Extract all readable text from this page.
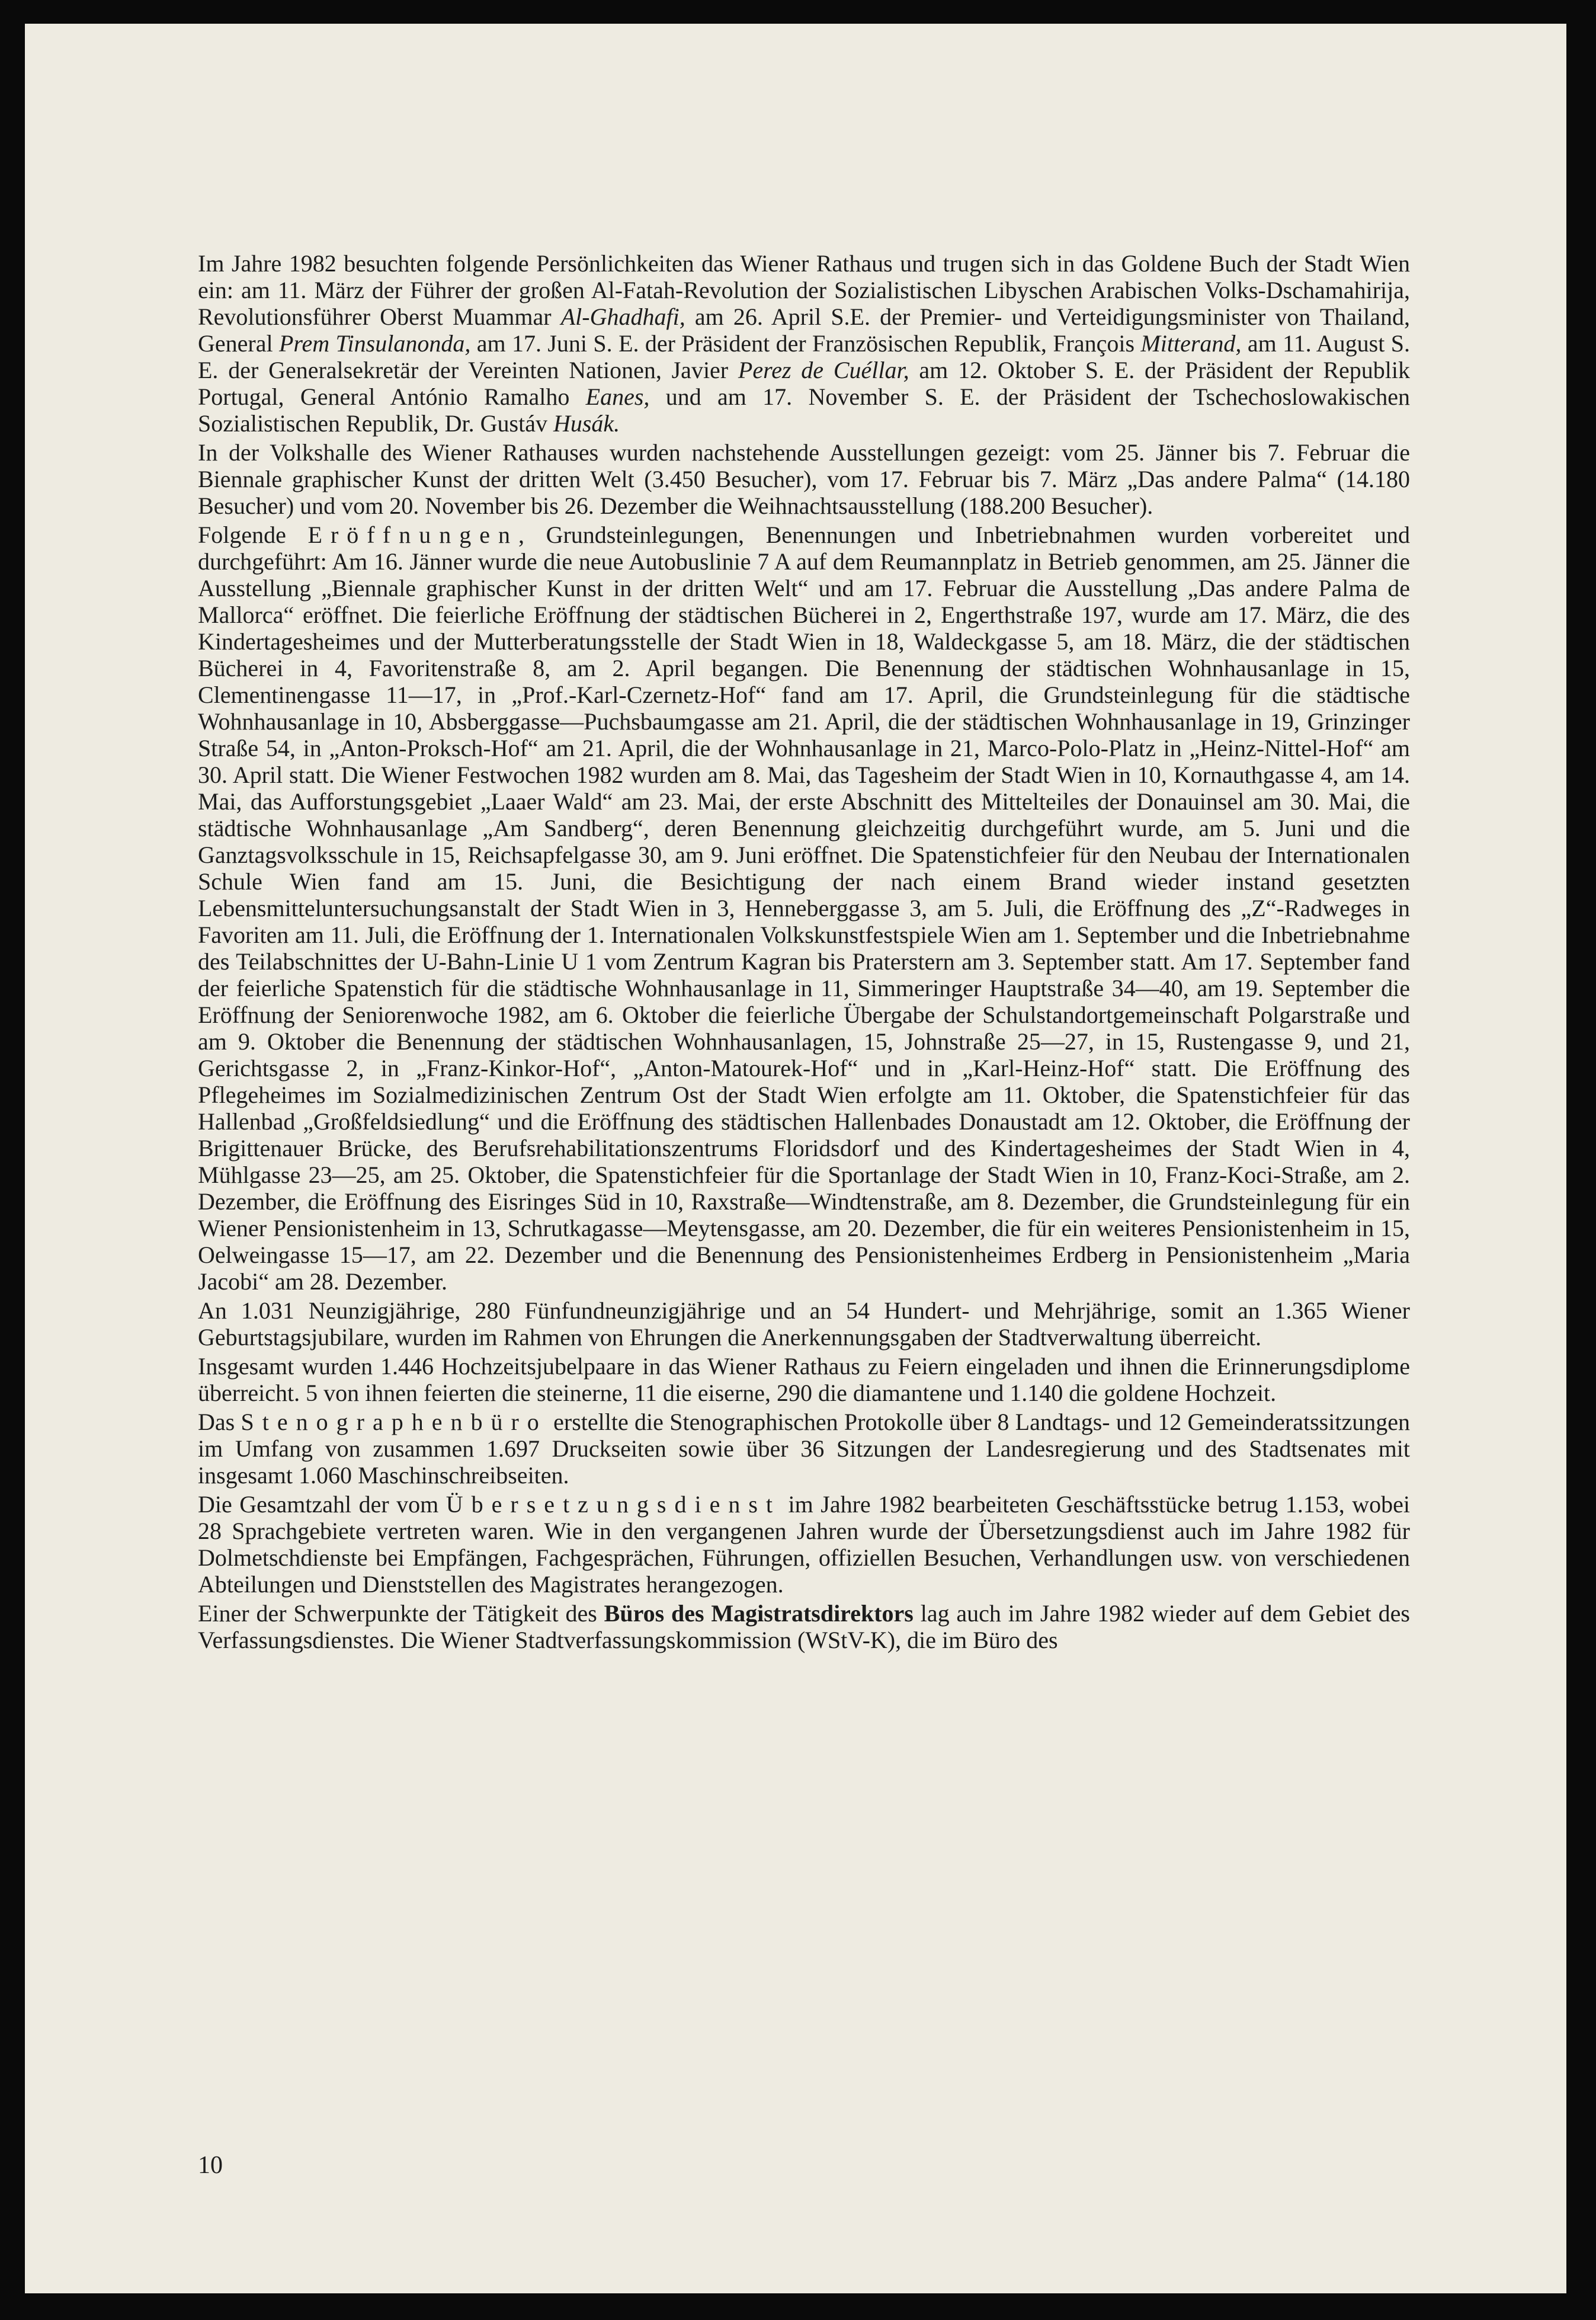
Im Jahre 1982 besuchten folgende Persönlichkeiten das Wiener Rathaus und trugen sich in das Goldene Buch der Stadt Wien ein: am 11. März der Führer der großen Al-Fatah-Revolution der Sozialistischen Libyschen Arabischen Volks-Dschamahirija, Revolutionsführer Oberst Muammar Al-Ghadhafi, am 26. April S.E. der Premier- und Verteidigungsminister von Thailand, General Prem Tinsulanonda, am 17. Juni S. E. der Präsident der Französischen Republik, François Mitterand, am 11. August S. E. der Generalsekretär der Vereinten Nationen, Javier Perez de Cuéllar, am 12. Oktober S. E. der Präsident der Republik Portugal, General António Ramalho Eanes, und am 17. November S. E. der Präsident der Tschechoslowakischen Sozialistischen Republik, Dr. Gustáv Husák.

In der Volkshalle des Wiener Rathauses wurden nachstehende Ausstellungen gezeigt: vom 25. Jänner bis 7. Februar die Biennale graphischer Kunst der dritten Welt (3.450 Besucher), vom 17. Februar bis 7. März „Das andere Palma“ (14.180 Besucher) und vom 20. November bis 26. Dezember die Weihnachtsausstellung (188.200 Besucher).

Folgende Eröffnungen, Grundsteinlegungen, Benennungen und Inbetriebnahmen wurden vorbereitet und durchgeführt: Am 16. Jänner wurde die neue Autobuslinie 7 A auf dem Reumannplatz in Betrieb genommen, am 25. Jänner die Ausstellung „Biennale graphischer Kunst in der dritten Welt“ und am 17. Februar die Ausstellung „Das andere Palma de Mallorca“ eröffnet. Die feierliche Eröffnung der städtischen Bücherei in 2, Engerthstraße 197, wurde am 17. März, die des Kindertagesheimes und der Mutterberatungsstelle der Stadt Wien in 18, Waldeckgasse 5, am 18. März, die der städtischen Bücherei in 4, Favoritenstraße 8, am 2. April begangen. Die Benennung der städtischen Wohnhausanlage in 15, Clementinengasse 11—17, in „Prof.-Karl-Czernetz-Hof“ fand am 17. April, die Grundsteinlegung für die städtische Wohnhausanlage in 10, Absberggasse—Puchsbaumgasse am 21. April, die der städtischen Wohnhausanlage in 19, Grinzinger Straße 54, in „Anton-Proksch-Hof“ am 21. April, die der Wohnhausanlage in 21, Marco-Polo-Platz in „Heinz-Nittel-Hof“ am 30. April statt. Die Wiener Festwochen 1982 wurden am 8. Mai, das Tagesheim der Stadt Wien in 10, Kornauthgasse 4, am 14. Mai, das Aufforstungsgebiet „Laaer Wald“ am 23. Mai, der erste Abschnitt des Mittelteiles der Donauinsel am 30. Mai, die städtische Wohnhausanlage „Am Sandberg“, deren Benennung gleichzeitig durchgeführt wurde, am 5. Juni und die Ganztagsvolksschule in 15, Reichsapfelgasse 30, am 9. Juni eröffnet. Die Spatenstichfeier für den Neubau der Internationalen Schule Wien fand am 15. Juni, die Besichtigung der nach einem Brand wieder instand gesetzten Lebensmitteluntersuchungsanstalt der Stadt Wien in 3, Henneberggasse 3, am 5. Juli, die Eröffnung des „Z“-Radweges in Favoriten am 11. Juli, die Eröffnung der 1. Internationalen Volkskunstfestspiele Wien am 1. September und die Inbetriebnahme des Teilabschnittes der U-Bahn-Linie U 1 vom Zentrum Kagran bis Praterstern am 3. September statt. Am 17. September fand der feierliche Spatenstich für die städtische Wohnhausanlage in 11, Simmeringer Hauptstraße 34—40, am 19. September die Eröffnung der Seniorenwoche 1982, am 6. Oktober die feierliche Übergabe der Schulstandortgemeinschaft Polgarstraße und am 9. Oktober die Benennung der städtischen Wohnhausanlagen, 15, Johnstraße 25—27, in 15, Rustengasse 9, und 21, Gerichtsgasse 2, in „Franz-Kinkor-Hof“, „Anton-Matourek-Hof“ und in „Karl-Heinz-Hof“ statt. Die Eröffnung des Pflegeheimes im Sozialmedizinischen Zentrum Ost der Stadt Wien erfolgte am 11. Oktober, die Spatenstichfeier für das Hallenbad „Großfeldsiedlung“ und die Eröffnung des städtischen Hallenbades Donaustadt am 12. Oktober, die Eröffnung der Brigittenauer Brücke, des Berufsrehabilitationszentrums Floridsdorf und des Kindertagesheimes der Stadt Wien in 4, Mühlgasse 23—25, am 25. Oktober, die Spatenstichfeier für die Sportanlage der Stadt Wien in 10, Franz-Koci-Straße, am 2. Dezember, die Eröffnung des Eisringes Süd in 10, Raxstraße—Windtenstraße, am 8. Dezember, die Grundsteinlegung für ein Wiener Pensionistenheim in 13, Schrutkagasse—Meytensgasse, am 20. Dezember, die für ein weiteres Pensionistenheim in 15, Oelweingasse 15—17, am 22. Dezember und die Benennung des Pensionistenheimes Erdberg in Pensionistenheim „Maria Jacobi“ am 28. Dezember.

An 1.031 Neunzigjährige, 280 Fünfundneunzigjährige und an 54 Hundert- und Mehrjährige, somit an 1.365 Wiener Geburtstagsjubilare, wurden im Rahmen von Ehrungen die Anerkennungsgaben der Stadtverwaltung überreicht.

Insgesamt wurden 1.446 Hochzeitsjubelpaare in das Wiener Rathaus zu Feiern eingeladen und ihnen die Erinnerungsdiplome überreicht. 5 von ihnen feierten die steinerne, 11 die eiserne, 290 die diamantene und 1.140 die goldene Hochzeit.

Das Stenographenbüro erstellte die Stenographischen Protokolle über 8 Landtags- und 12 Gemeinderatssitzungen im Umfang von zusammen 1.697 Druckseiten sowie über 36 Sitzungen der Landesregierung und des Stadtsenates mit insgesamt 1.060 Maschinschreibseiten.

Die Gesamtzahl der vom Übersetzungsdienst im Jahre 1982 bearbeiteten Geschäftsstücke betrug 1.153, wobei 28 Sprachgebiete vertreten waren. Wie in den vergangenen Jahren wurde der Übersetzungsdienst auch im Jahre 1982 für Dolmetschdienste bei Empfängen, Fachgesprächen, Führungen, offiziellen Besuchen, Verhandlungen usw. von verschiedenen Abteilungen und Dienststellen des Magistrates herangezogen.

Einer der Schwerpunkte der Tätigkeit des Büros des Magistratsdirektors lag auch im Jahre 1982 wieder auf dem Gebiet des Verfassungsdienstes. Die Wiener Stadtverfassungskommission (WStV-K), die im Büro des

10
